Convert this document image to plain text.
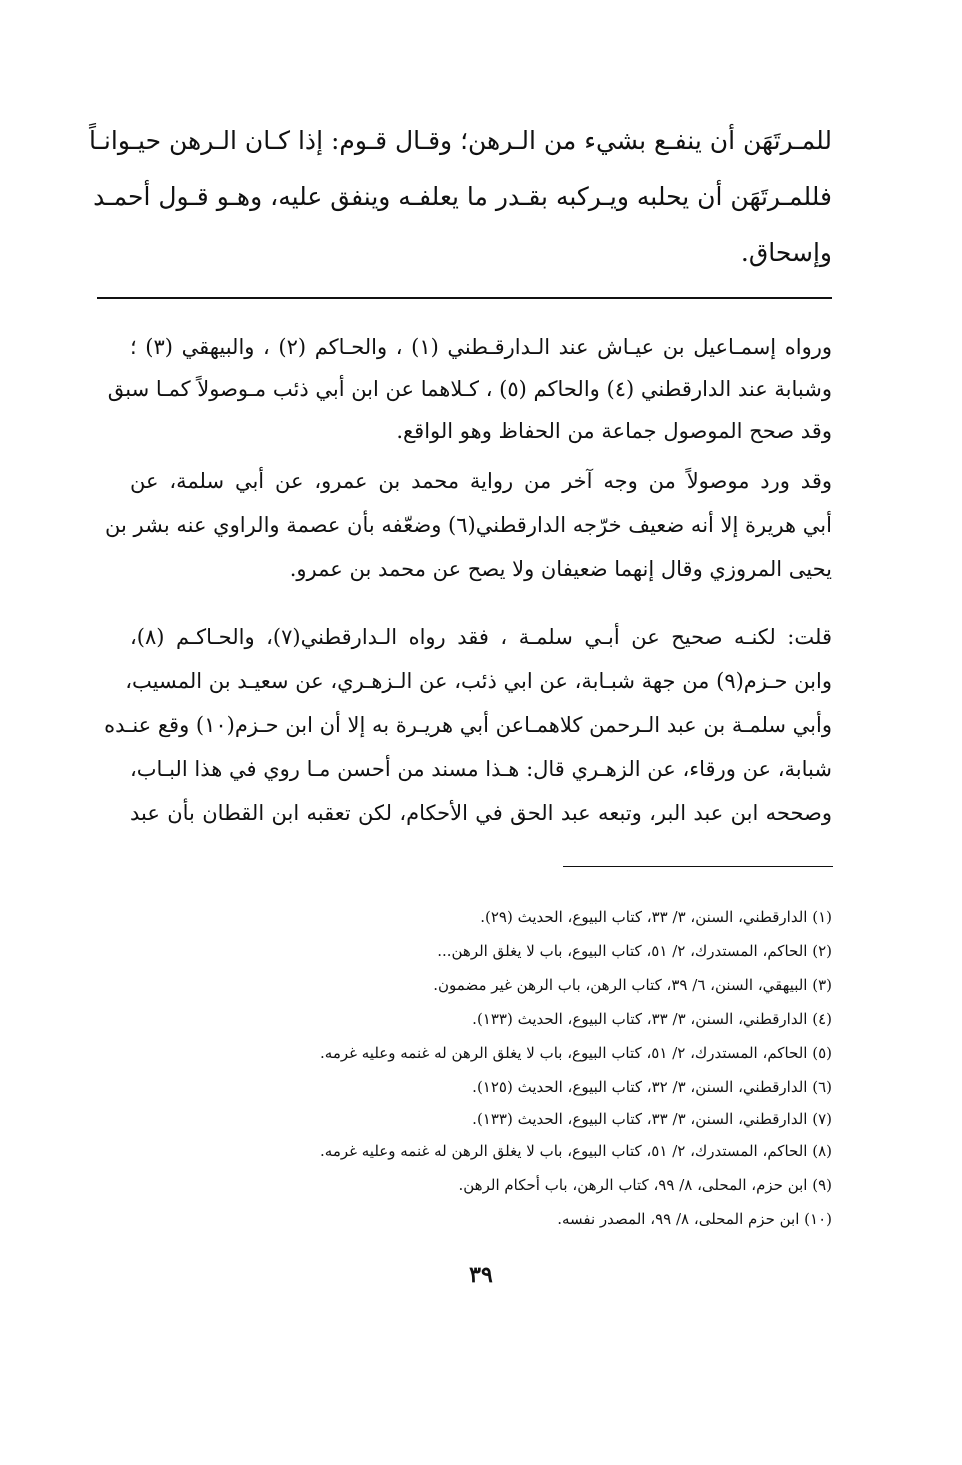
للمـرتَهَن أن ينفـع بشيء من الـرهن؛ وقـال قـوم: إذا كـان الـرهن حيـوانـاً
فللمـرتَهَن أن يحلبه ويـركبه بقـدر ما يعلفـه وينفق عليه، وهـو قـول أحمـد
وإسحاق.
ورواه إسمـاعيل بن عيـاش عند الـدارقـطني (١) ، والحـاكم (٢) ، والبيهقي (٣) ؛
وشبابة عند الدارقطني (٤) والحاكم (٥) ، كـلاهما عن ابن أبي ذئب مـوصولاً كمـا سبق
وقد صحح الموصول جماعة من الحفاظ وهو الواقع.
وقد ورد موصولاً من وجه آخر من رواية محمد بن عمرو، عن أبي سلمة، عن
أبي هريرة إلا أنه ضعيف خرّجه الدارقطني(٦) وضعّفه بأن عصمة والراوي عنه بشر بن
يحيى المروزي وقال إنهما ضعيفان ولا يصح عن محمد بن عمرو.
قلت: لكنـه صحيح عن أبـي سلمـة ، فقد رواه الـدارقطني(٧)، والحـاكـم (٨)،
وابن حـزم(٩) من جهة شبـابة، عن ابي ذئب، عن الـزهـري، عن سعيـد بن المسيب،
وأبي سلمـة بن عبد الـرحمن كلاهمـاعن أبي هريـرة به إلا أن ابن حـزم(١٠) وقع عنـده
شبابة، عن ورقاء، عن الزهـري قال: هـذا مسند من أحسن مـا روي في هذا البـاب،
وصححه ابن عبد البر، وتبعه عبد الحق في الأحكام، لكن تعقبه ابن القطان بأن عبد
(١) الدارقطني، السنن، ٣/ ٣٣، كتاب البيوع، الحديث (٢٩).
(٢) الحاكم، المستدرك، ٢/ ٥١، كتاب البيوع، باب لا يغلق الرهن...
(٣) البيهقي، السنن، ٦/ ٣٩، كتاب الرهن، باب الرهن غير مضمون.
(٤) الدارقطني، السنن، ٣/ ٣٣، كتاب البيوع، الحديث (١٣٣).
(٥) الحاكم، المستدرك، ٢/ ٥١، كتاب البيوع، باب لا يغلق الرهن له غنمه وعليه غرمه.
(٦) الدارقطني، السنن، ٣/ ٣٢، كتاب البيوع، الحديث (١٢٥).
(٧) الدارقطني، السنن، ٣/ ٣٣، كتاب البيوع، الحديث (١٣٣).
(٨) الحاكم، المستدرك، ٢/ ٥١، كتاب البيوع، باب لا يغلق الرهن له غنمه وعليه غرمه.
(٩) ابن حزم، المحلى، ٨/ ٩٩، كتاب الرهن، باب أحكام الرهن.
(١٠) ابن حزم المحلى، ٨/ ٩٩، المصدر نفسه.
٣٩
